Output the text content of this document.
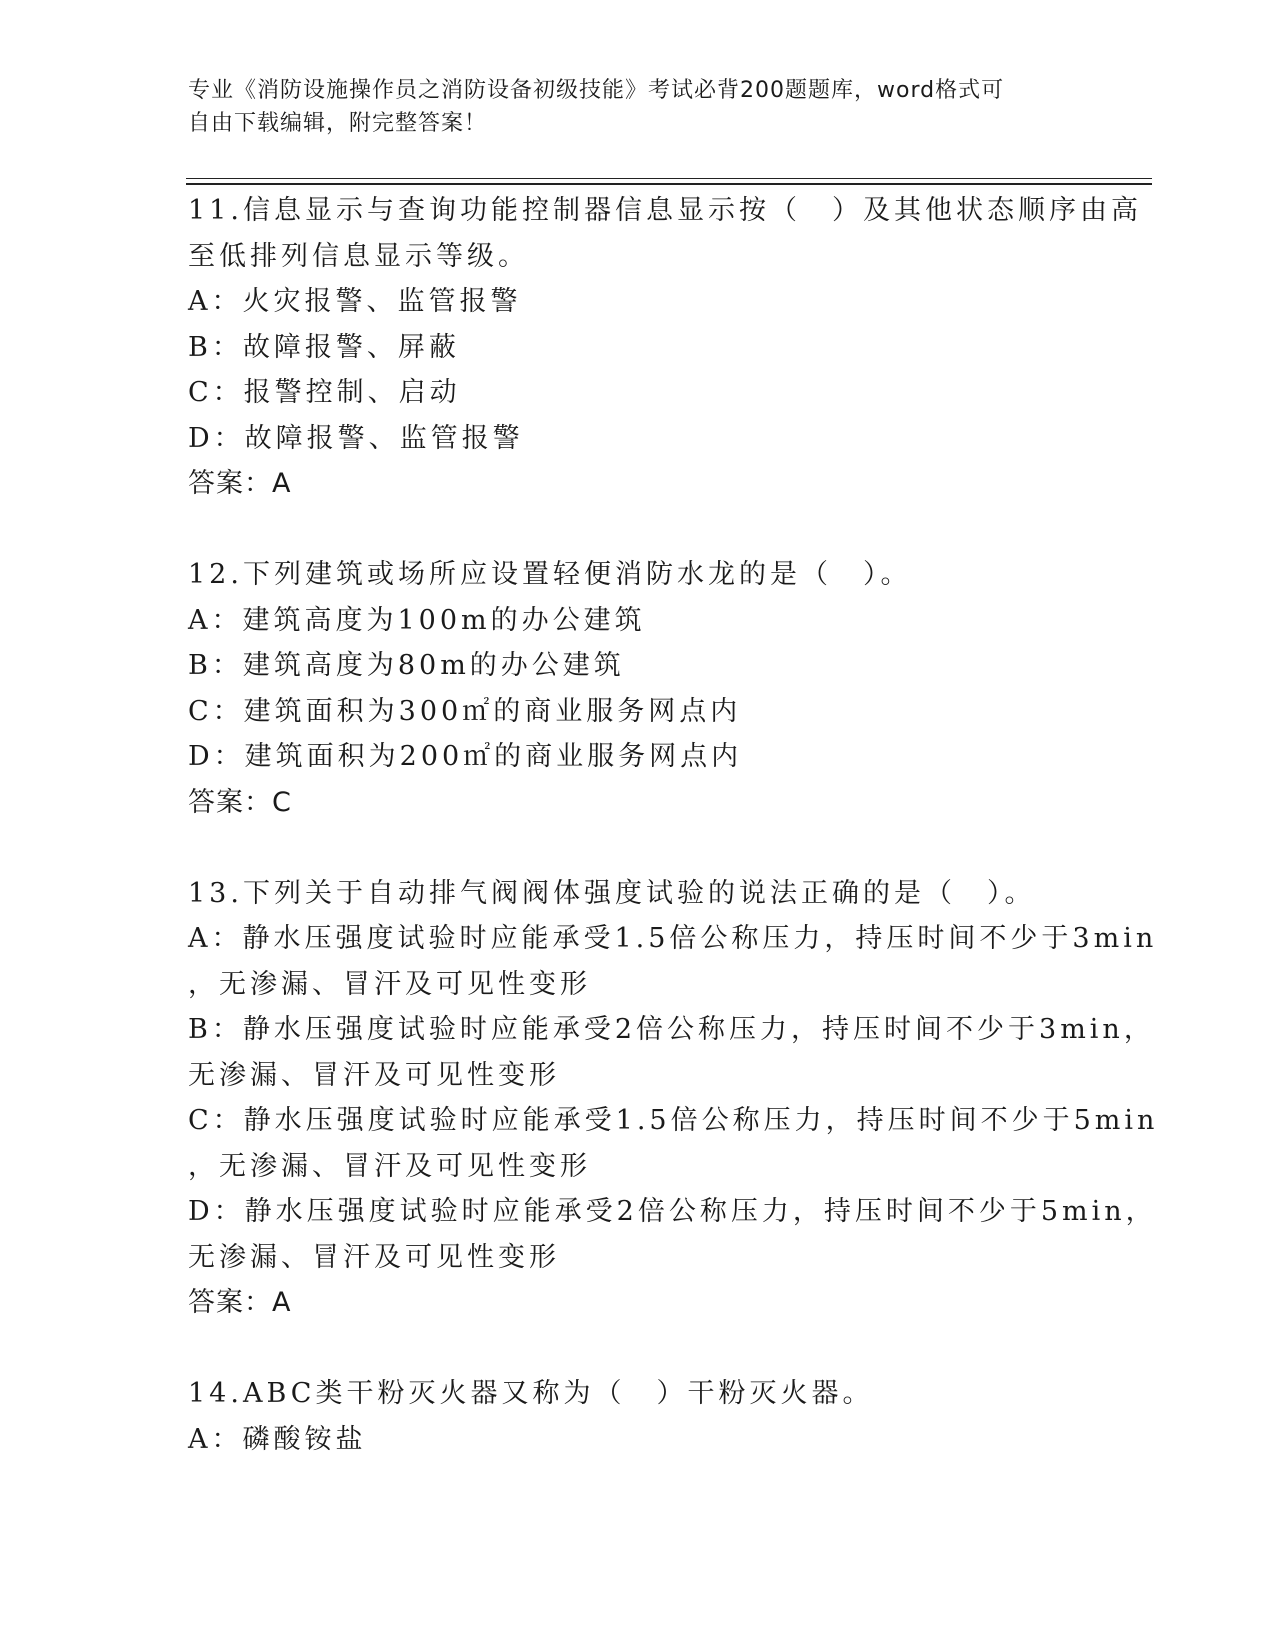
专业《消防设施操作员之消防设备初级技能》考试必背200题题库，word格式可
自由下载编辑，附完整答案！
11.信息显示与查询功能控制器信息显示按（　）及其他状态顺序由高
至低排列信息显示等级。
A：火灾报警、监管报警
B：故障报警、屏蔽
C：报警控制、启动
D：故障报警、监管报警
答案：A
12.下列建筑或场所应设置轻便消防水龙的是（　）。
A：建筑高度为100m的办公建筑
B：建筑高度为80m的办公建筑
C：建筑面积为300㎡的商业服务网点内
D：建筑面积为200㎡的商业服务网点内
答案：C
13.下列关于自动排气阀阀体强度试验的说法正确的是（　）。
A：静水压强度试验时应能承受1.5倍公称压力，持压时间不少于3min
，无渗漏、冒汗及可见性变形
B：静水压强度试验时应能承受2倍公称压力，持压时间不少于3min，
无渗漏、冒汗及可见性变形
C：静水压强度试验时应能承受1.5倍公称压力，持压时间不少于5min
，无渗漏、冒汗及可见性变形
D：静水压强度试验时应能承受2倍公称压力，持压时间不少于5min，
无渗漏、冒汗及可见性变形
答案：A
14.ABC类干粉灭火器又称为（　）干粉灭火器。
A：磷酸铵盐
